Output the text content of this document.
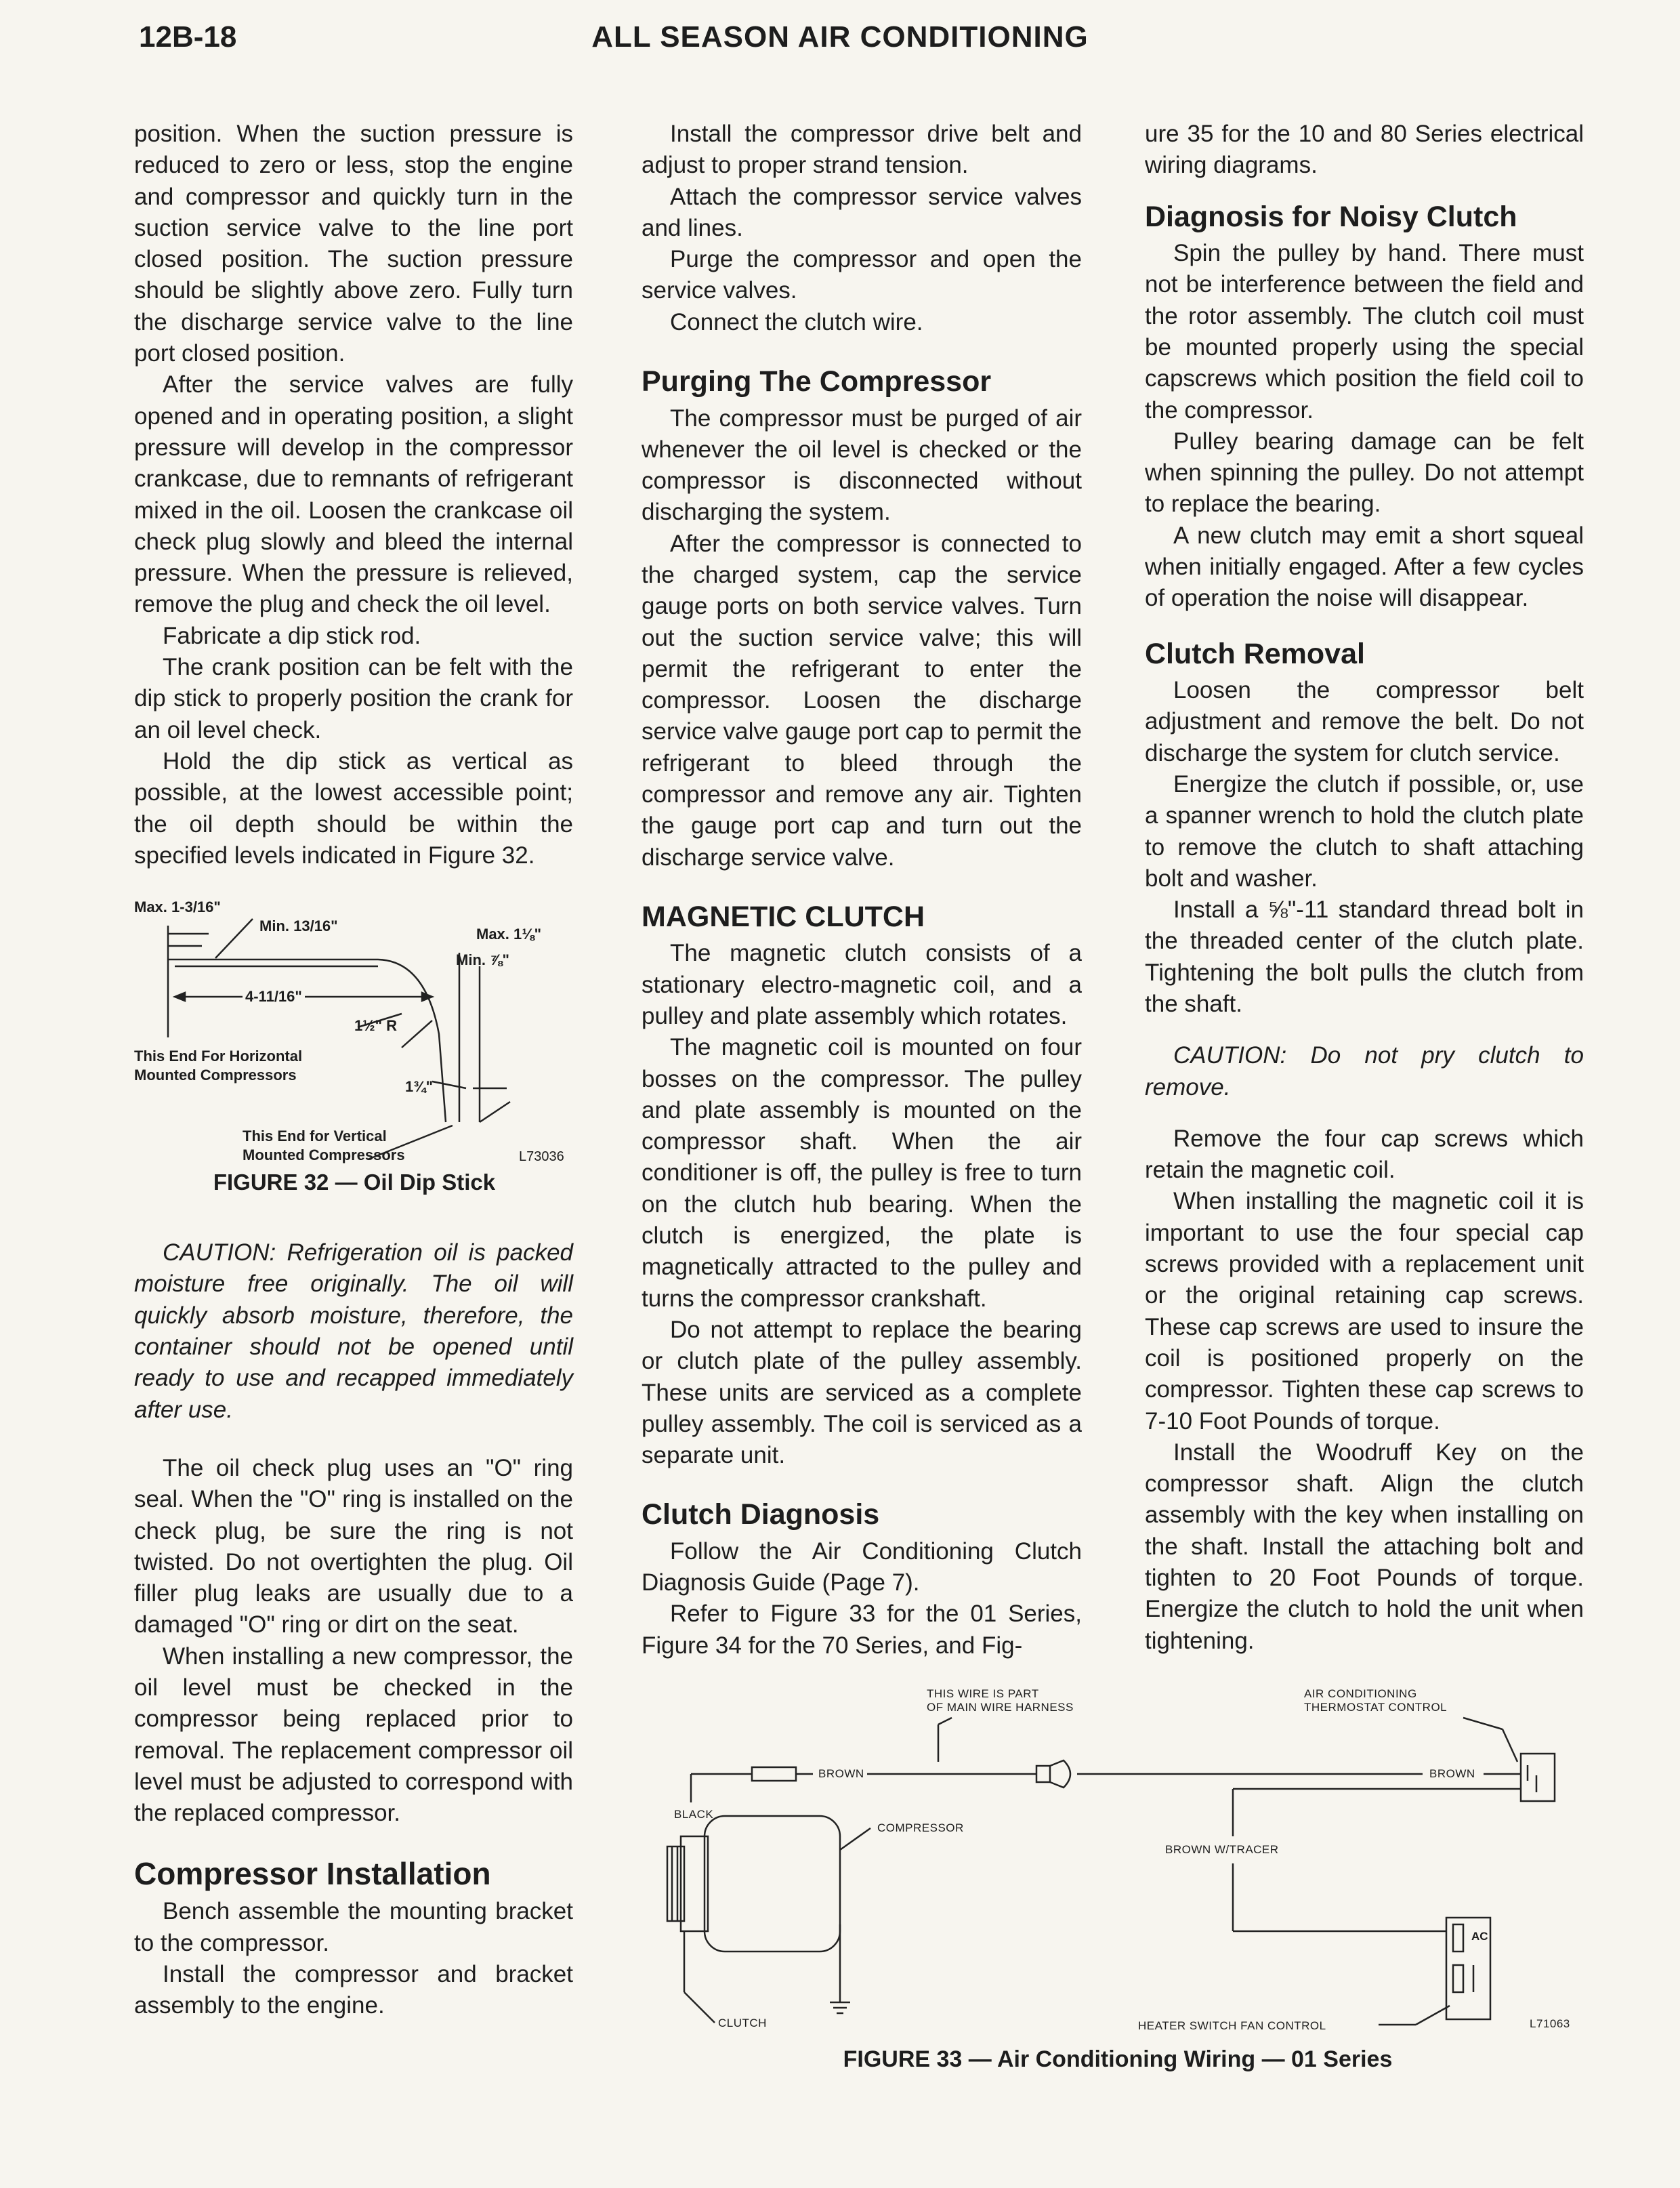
12B-18	ALL SEASON AIR CONDITIONING

position. When the suction pressure is reduced to zero or less, stop the engine and compressor and quickly turn in the suction service valve to the line port closed position. The suction pressure should be slightly above zero. Fully turn the discharge service valve to the line port closed position.

After the service valves are fully opened and in operating position, a slight pressure will develop in the compressor crankcase, due to remnants of refrigerant mixed in the oil. Loosen the crankcase oil check plug slowly and bleed the internal pressure. When the pressure is relieved, remove the plug and check the oil level.

Fabricate a dip stick rod.

The crank position can be felt with the dip stick to properly position the crank for an oil level check.

Hold the dip stick as vertical as possible, at the lowest accessible point; the oil depth should be within the specified levels indicated in Figure 32.

Max. 1-3/16"
Min. 13/16"	Max. 1⅛"
Min. ⅞"
4-11/16"
1½" R
1¾"
This End For Horizontal
Mounted Compressors
This End for Vertical
Mounted Compressors	L73036
FIGURE 32 — Oil Dip Stick

CAUTION: Refrigeration oil is packed moisture free originally. The oil will quickly absorb moisture, therefore, the container should not be opened until ready to use and recapped immediately after use.

The oil check plug uses an "O" ring seal. When the "O" ring is installed on the check plug, be sure the ring is not twisted. Do not overtighten the plug. Oil filler plug leaks are usually due to a damaged "O" ring or dirt on the seat.

When installing a new compressor, the oil level must be checked in the compressor being replaced prior to removal. The replacement compressor oil level must be adjusted to correspond with the replaced compressor.

Compressor Installation

Bench assemble the mounting bracket to the compressor.

Install the compressor and bracket assembly to the engine.

Install the compressor drive belt and adjust to proper strand tension.

Attach the compressor service valves and lines.

Purge the compressor and open the service valves.

Connect the clutch wire.

Purging The Compressor

The compressor must be purged of air whenever the oil level is checked or the compressor is disconnected without discharging the system.

After the compressor is connected to the charged system, cap the service gauge ports on both service valves. Turn out the suction service valve; this will permit the refrigerant to enter the compressor. Loosen the discharge service valve gauge port cap to permit the refrigerant to bleed through the compressor and remove any air. Tighten the gauge port cap and turn out the discharge service valve.

MAGNETIC CLUTCH

The magnetic clutch consists of a stationary electro-magnetic coil, and a pulley and plate assembly which rotates.

The magnetic coil is mounted on four bosses on the compressor. The pulley and plate assembly is mounted on the compressor shaft. When the air conditioner is off, the pulley is free to turn on the clutch hub bearing. When the clutch is energized, the plate is magnetically attracted to the pulley and turns the compressor crankshaft.

Do not attempt to replace the bearing or clutch plate of the pulley assembly. These units are serviced as a complete pulley assembly. The coil is serviced as a separate unit.

Clutch Diagnosis

Follow the Air Conditioning Clutch Diagnosis Guide (Page 7).

Refer to Figure 33 for the 01 Series, Figure 34 for the 70 Series, and Fig-

ure 35 for the 10 and 80 Series electrical wiring diagrams.

Diagnosis for Noisy Clutch

Spin the pulley by hand. There must not be interference between the field and the rotor assembly. The clutch coil must be mounted properly using the special capscrews which position the field coil to the compressor.

Pulley bearing damage can be felt when spinning the pulley. Do not attempt to replace the bearing.

A new clutch may emit a short squeal when initially engaged. After a few cycles of operation the noise will disappear.

Clutch Removal

Loosen the compressor belt adjustment and remove the belt. Do not discharge the system for clutch service.

Energize the clutch if possible, or, use a spanner wrench to hold the clutch plate to remove the clutch to shaft attaching bolt and washer.

Install a ⅝"-11 standard thread bolt in the threaded center of the clutch plate. Tightening the bolt pulls the clutch from the shaft.

CAUTION: Do not pry clutch to remove.

Remove the four cap screws which retain the magnetic coil.

When installing the magnetic coil it is important to use the four special cap screws provided with a replacement unit or the original retaining cap screws. These cap screws are used to insure the coil is positioned properly on the compressor. Tighten these cap screws to 7-10 Foot Pounds of torque.

Install the Woodruff Key on the compressor shaft. Align the clutch assembly with the key when installing on the shaft. Install the attaching bolt and tighten to 20 Foot Pounds of torque. Energize the clutch to hold the unit when tightening.

THIS WIRE IS PART
OF MAIN WIRE HARNESS
AIR CONDITIONING
THERMOSTAT CONTROL
BROWN	BROWN
BLACK
COMPRESSOR
BROWN W/TRACER
CLUTCH
AC
HEATER SWITCH FAN CONTROL	L71063
FIGURE 33 — Air Conditioning Wiring — 01 Series
